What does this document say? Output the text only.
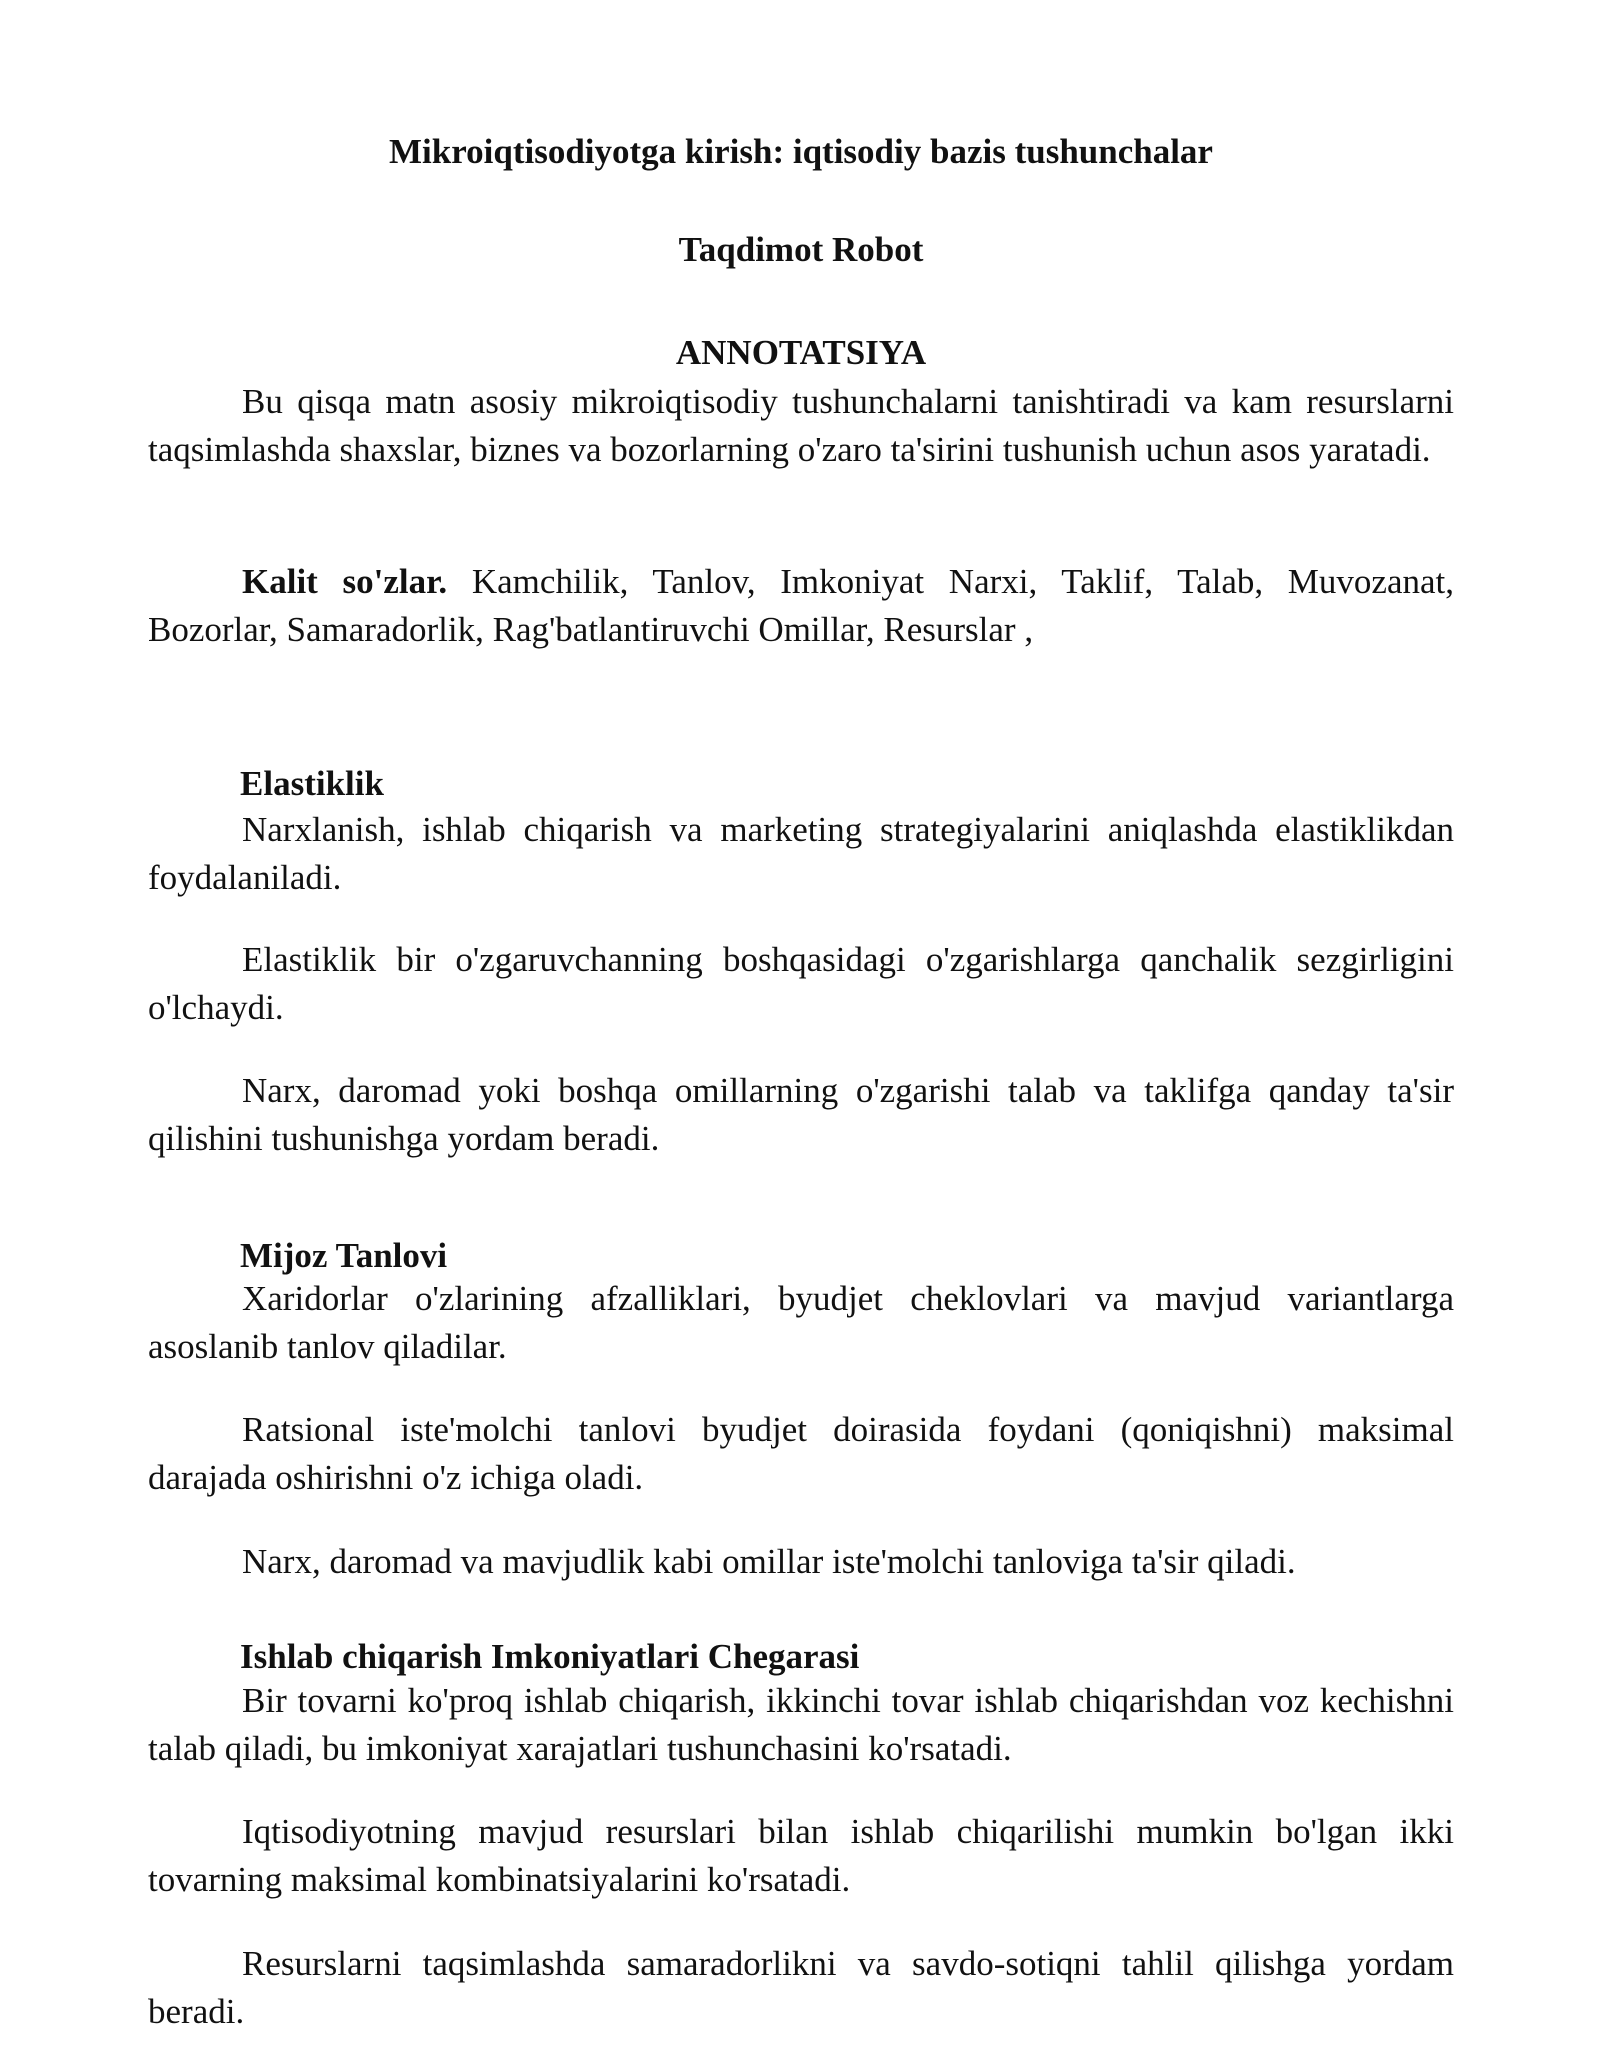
Mikroiqtisodiyotga kirish: iqtisodiy bazis tushunchalar
Taqdimot Robot
ANNOTATSIYA

Bu qisqa matn asosiy mikroiqtisodiy tushunchalarni tanishtiradi va kam resurslarni taqsimlashda shaxslar, biznes va bozorlarning o'zaro ta'sirini tushunish uchun asos yaratadi.

Kalit so'zlar. Kamchilik, Tanlov, Imkoniyat Narxi, Taklif, Talab, Muvozanat, Bozorlar, Samaradorlik, Rag'batlantiruvchi Omillar, Resurslar ,

Elastiklik

Narxlanish, ishlab chiqarish va marketing strategiyalarini aniqlashda elastiklikdan foydalaniladi.

Elastiklik bir o'zgaruvchanning boshqasidagi o'zgarishlarga qanchalik sezgirligini o'lchaydi.

Narx, daromad yoki boshqa omillarning o'zgarishi talab va taklifga qanday ta'sir qilishini tushunishga yordam beradi.

Mijoz Tanlovi

Xaridorlar o'zlarining afzalliklari, byudjet cheklovlari va mavjud variantlarga asoslanib tanlov qiladilar.

Ratsional iste'molchi tanlovi byudjet doirasida foydani (qoniqishni) maksimal darajada oshirishni o'z ichiga oladi.

Narx, daromad va mavjudlik kabi omillar iste'molchi tanloviga ta'sir qiladi.

Ishlab chiqarish Imkoniyatlari Chegarasi

Bir tovarni ko'proq ishlab chiqarish, ikkinchi tovar ishlab chiqarishdan voz kechishni talab qiladi, bu imkoniyat xarajatlari tushunchasini ko'rsatadi.

Iqtisodiyotning mavjud resurslari bilan ishlab chiqarilishi mumkin bo'lgan ikki tovarning maksimal kombinatsiyalarini ko'rsatadi.

Resurslarni taqsimlashda samaradorlikni va savdo-sotiqni tahlil qilishga yordam beradi.
